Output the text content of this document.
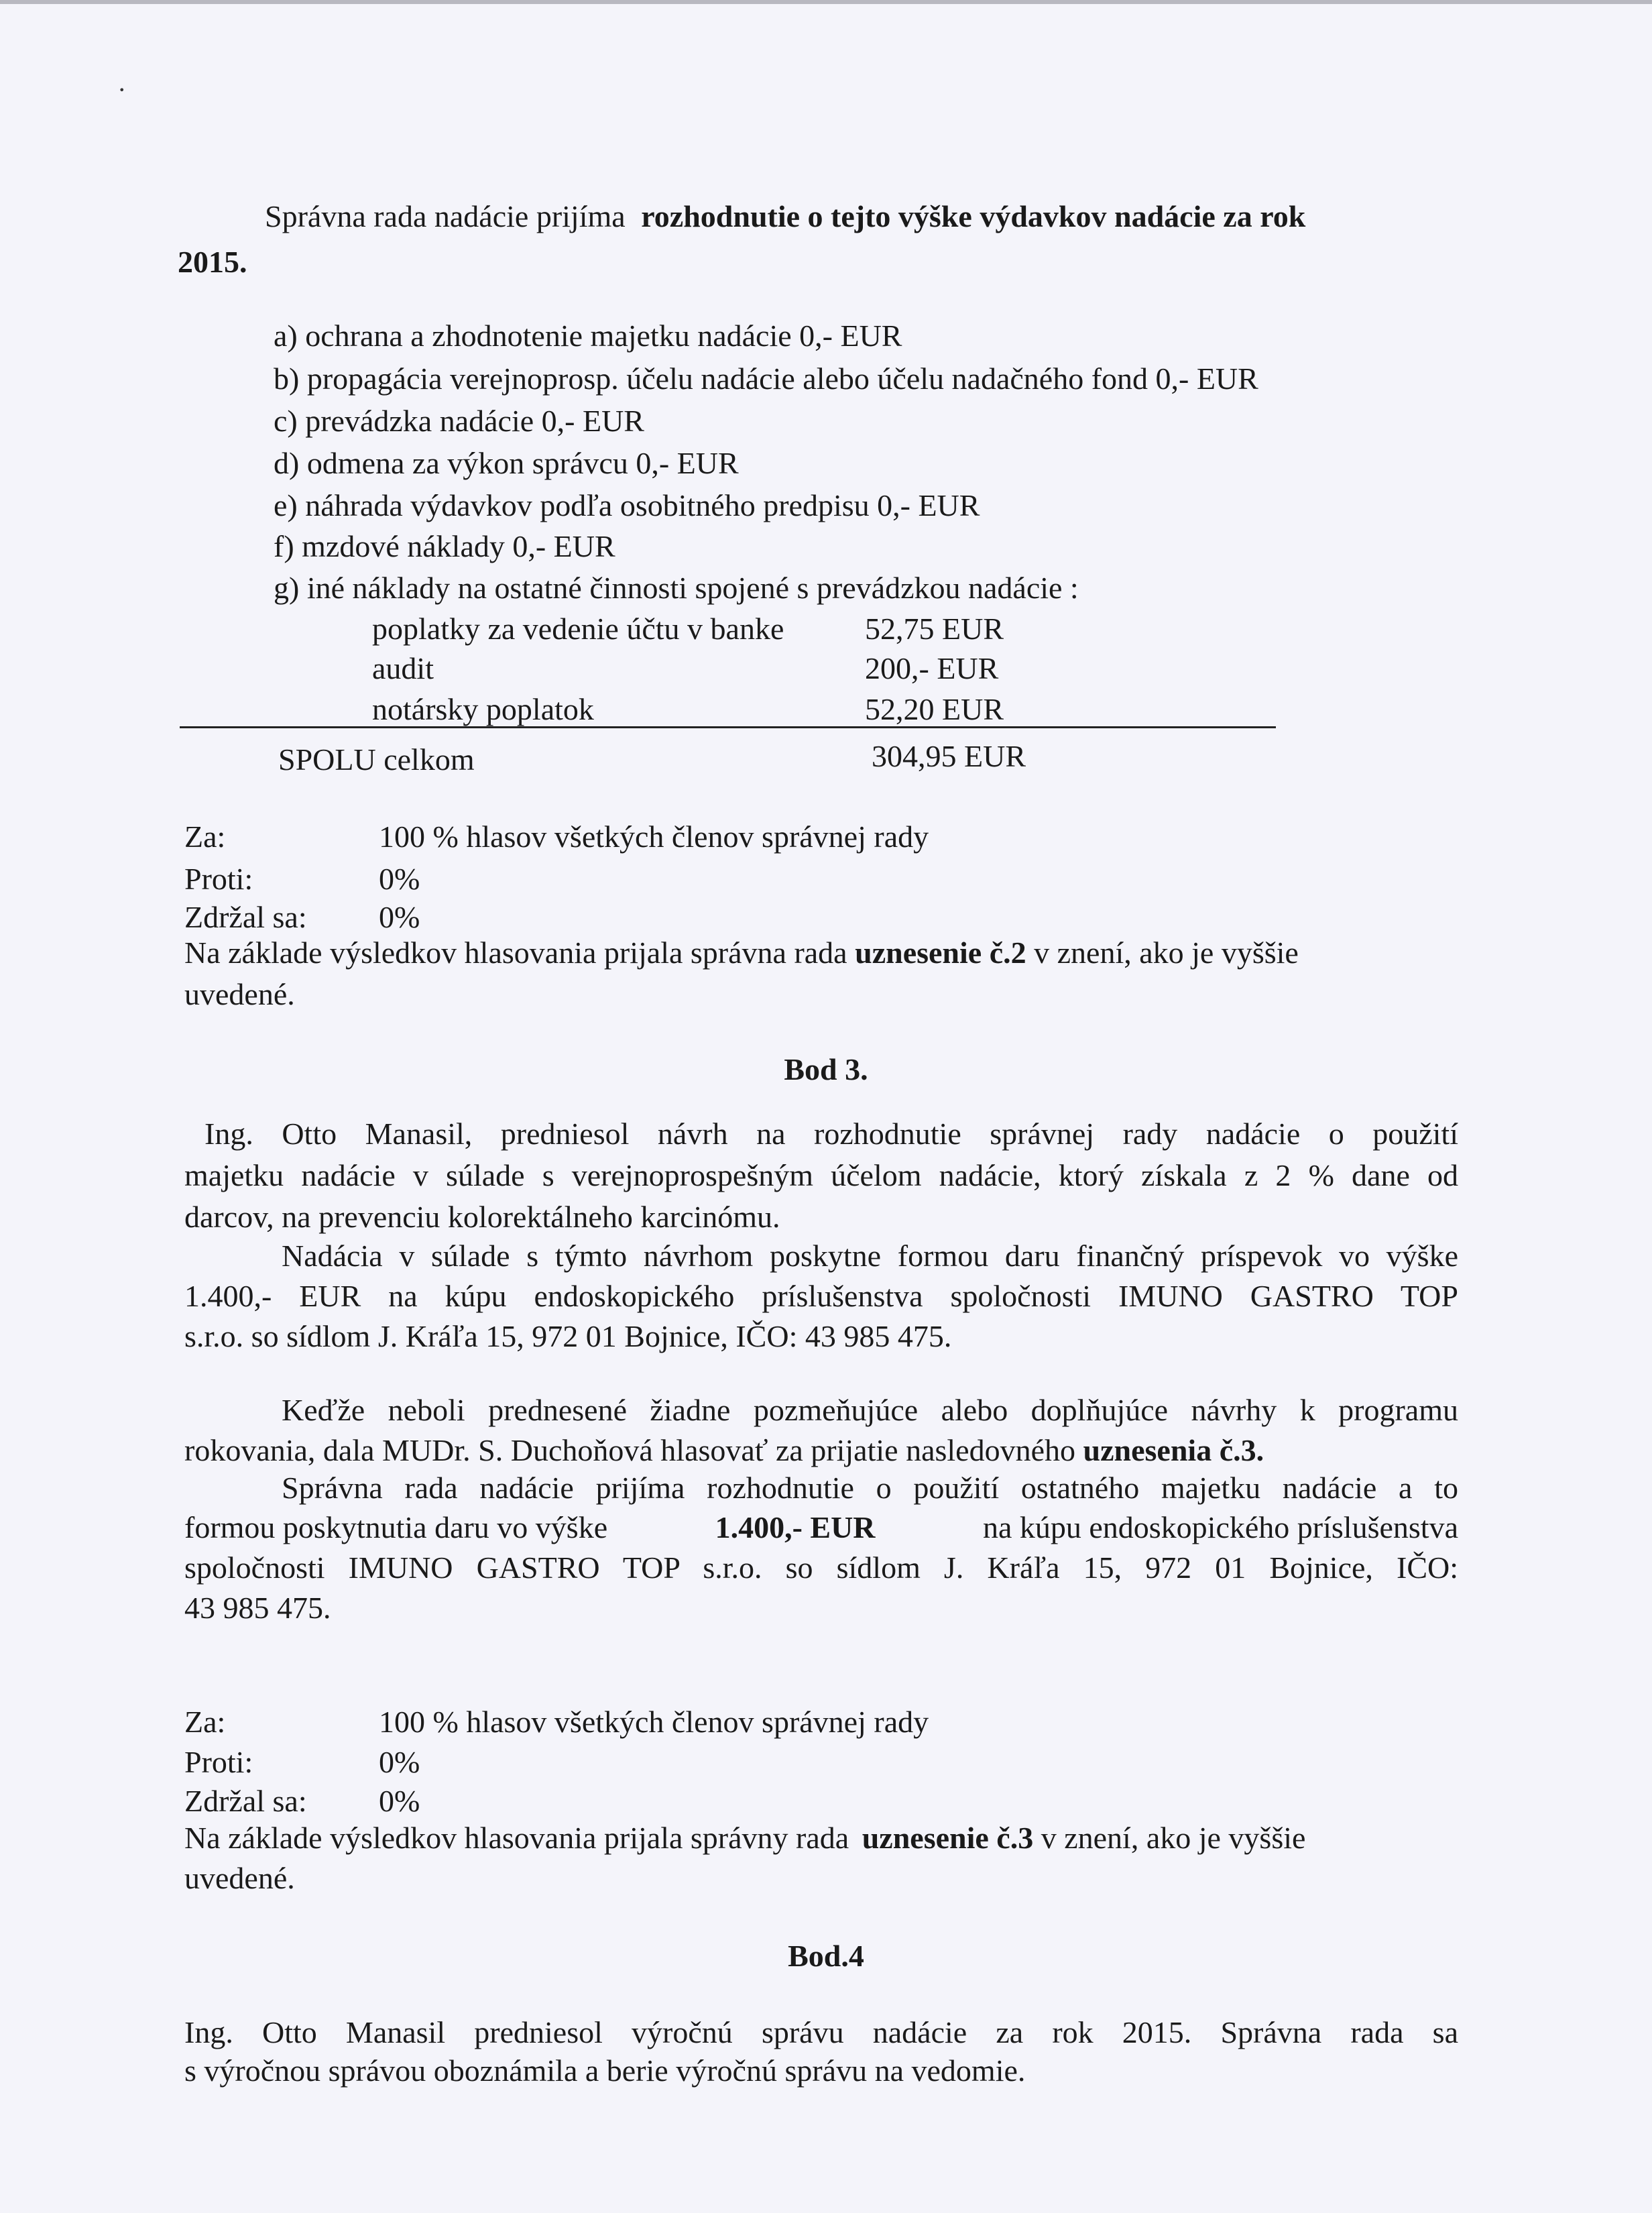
Správna rada nadácie prijíma rozhodnutie o tejto výške výdavkov nadácie za rok
2015.
a) ochrana a zhodnotenie majetku nadácie 0,- EUR
b) propagácia verejnoprosp. účelu nadácie alebo účelu nadačného fond 0,- EUR
c) prevádzka nadácie 0,- EUR
d) odmena za výkon správcu 0,- EUR
e) náhrada výdavkov podľa osobitného predpisu 0,- EUR
f) mzdové náklady 0,- EUR
g) iné náklady na ostatné činnosti spojené s prevádzkou nadácie :
poplatky za vedenie účtu v banke	52,75 EUR
audit	200,- EUR
notársky poplatok	52,20 EUR
SPOLU celkom	304,95 EUR
Za:	100 % hlasov všetkých členov správnej rady
Proti:	0%
Zdržal sa: 0%
Na základe výsledkov hlasovania prijala správna rada uznesenie č.2 v znení, ako je vyššie
uvedené.
Bod 3.
Ing. Otto Manasil, predniesol návrh na rozhodnutie správnej rady nadácie o použití
majetku nadácie v súlade s verejnoprospešným účelom nadácie, ktorý získala z 2 % dane od
darcov, na prevenciu kolorektálneho karcinómu.
Nadácia v súlade s týmto návrhom poskytne formou daru finančný príspevok vo výške
1.400,- EUR na kúpu endoskopického príslušenstva spoločnosti IMUNO GASTRO TOP
s.r.o. so sídlom J. Kráľa 15, 972 01 Bojnice, IČO: 43 985 475.
Keďže neboli prednesené žiadne pozmeňujúce alebo doplňujúce návrhy k programu
rokovania, dala MUDr. S. Duchoňová hlasovať za prijatie nasledovného uznesenia č.3.
Správna rada nadácie prijíma rozhodnutie o použití ostatného majetku nadácie a to
formou poskytnutia daru vo výške	1.400,- EUR	na kúpu endoskopického príslušenstva
spoločnosti IMUNO GASTRO TOP s.r.o. so sídlom J. Kráľa 15, 972 01 Bojnice, IČO:
43 985 475.
Za:	100 % hlasov všetkých členov správnej rady
Proti:	0%
Zdržal sa: 0%
Na základe výsledkov hlasovania prijala správny rada uznesenie č.3 v znení, ako je vyššie
uvedené.
Bod.4
Ing. Otto Manasil predniesol výročnú správu nadácie za rok 2015. Správna rada sa
s výročnou správou oboznámila a berie výročnú správu na vedomie.
·
